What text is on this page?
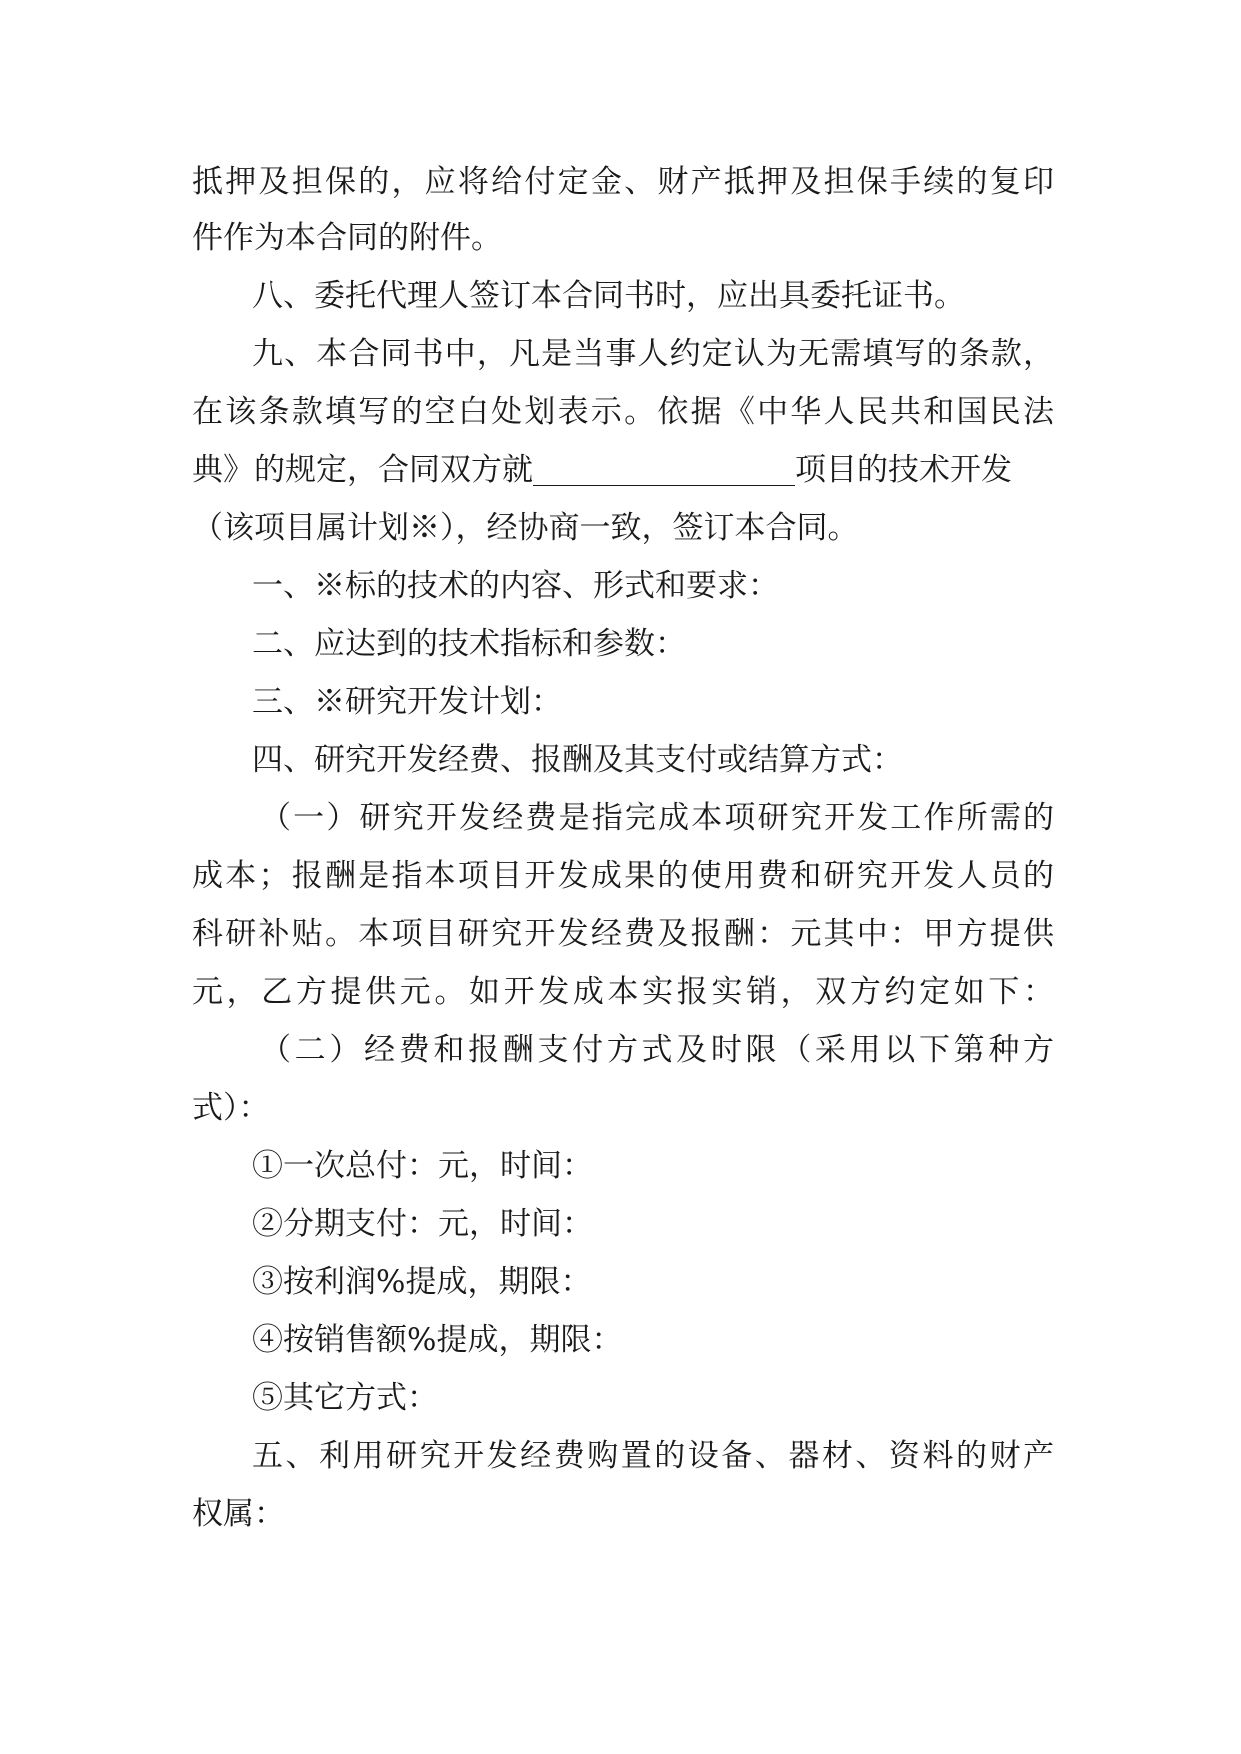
抵押及担保的，应将给付定金、财产抵押及担保手续的复印
件作为本合同的附件。
八、委托代理人签订本合同书时，应出具委托证书。
九、本合同书中，凡是当事人约定认为无需填写的条款，
在该条款填写的空白处划表示。依据《中华人民共和国民法
典》的规定，合同双方就	项目的技术开发
（该项目属计划※），经协商一致，签订本合同。
一、※标的技术的内容、形式和要求：
二、应达到的技术指标和参数：
三、※研究开发计划：
四、研究开发经费、报酬及其支付或结算方式：
（一）研究开发经费是指完成本项研究开发工作所需的
成本；报酬是指本项目开发成果的使用费和研究开发人员的
科研补贴。本项目研究开发经费及报酬：元其中：甲方提供
元，乙方提供元。如开发成本实报实销，双方约定如下：
（二）经费和报酬支付方式及时限（采用以下第种方
式）：
①一次总付：元，时间：
②分期支付：元，时间：
③按利润%提成，期限：
④按销售额%提成，期限：
⑤其它方式：
五、利用研究开发经费购置的设备、器材、资料的财产
权属：
